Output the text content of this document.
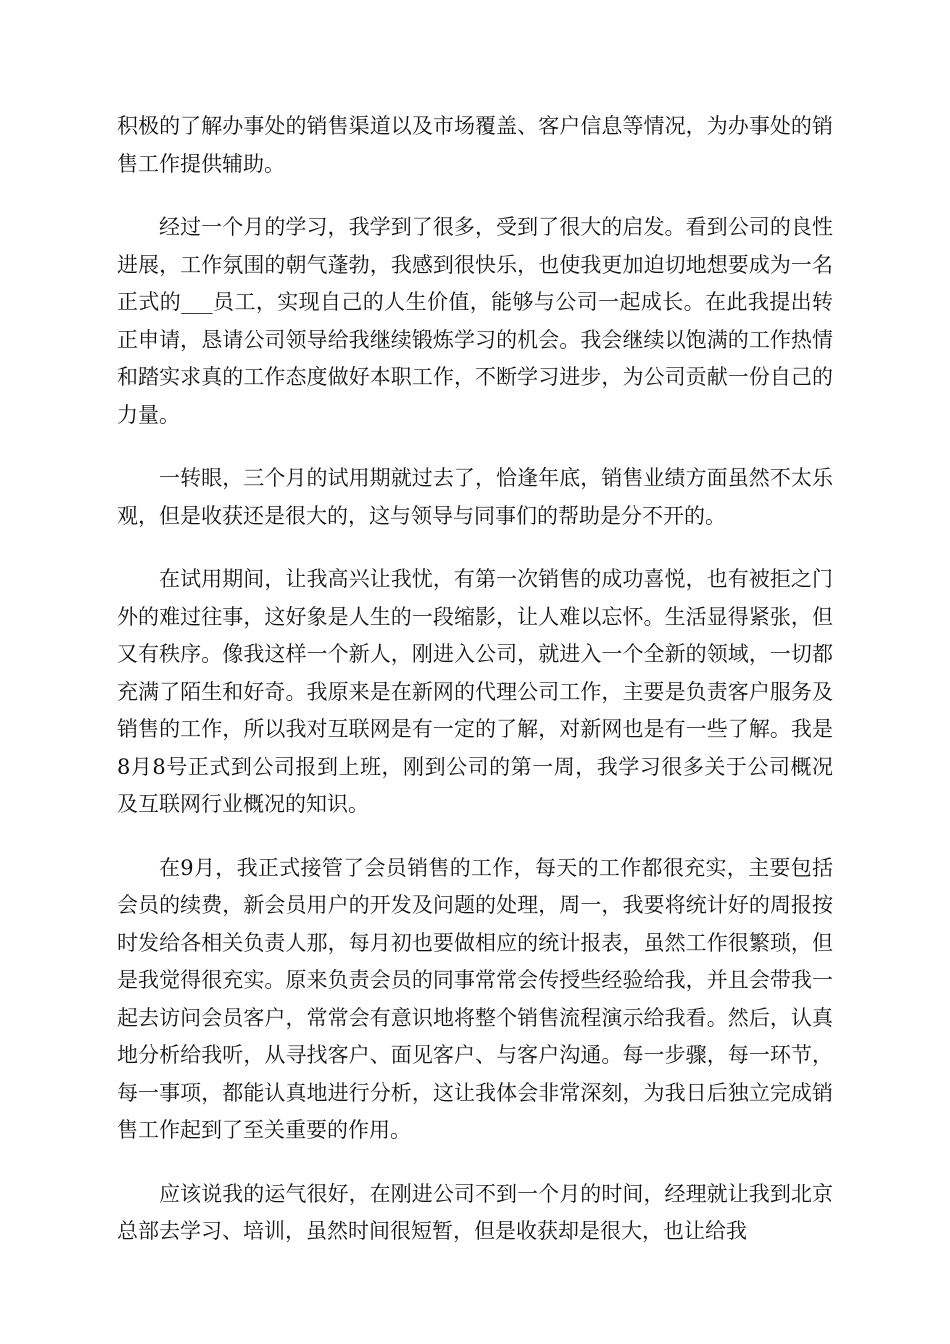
积极的了解办事处的销售渠道以及市场覆盖、客户信息等情况，为办事处的销售工作提供辅助。

经过一个月的学习，我学到了很多，受到了很大的启发。看到公司的良性进展，工作氛围的朝气蓬勃，我感到很快乐，也使我更加迫切地想要成为一名正式的___员工，实现自己的人生价值，能够与公司一起成长。在此我提出转正申请，恳请公司领导给我继续锻炼学习的机会。我会继续以饱满的工作热情和踏实求真的工作态度做好本职工作，不断学习进步，为公司贡献一份自己的力量。

一转眼，三个月的试用期就过去了，恰逢年底，销售业绩方面虽然不太乐观，但是收获还是很大的，这与领导与同事们的帮助是分不开的。

在试用期间，让我高兴让我忧，有第一次销售的成功喜悦，也有被拒之门外的难过往事，这好象是人生的一段缩影，让人难以忘怀。生活显得紧张，但又有秩序。像我这样一个新人，刚进入公司，就进入一个全新的领域，一切都充满了陌生和好奇。我原来是在新网的代理公司工作，主要是负责客户服务及销售的工作，所以我对互联网是有一定的了解，对新网也是有一些了解。我是8月8号正式到公司报到上班，刚到公司的第一周，我学习很多关于公司概况及互联网行业概况的知识。

在9月，我正式接管了会员销售的工作，每天的工作都很充实，主要包括会员的续费，新会员用户的开发及问题的处理，周一，我要将统计好的周报按时发给各相关负责人那，每月初也要做相应的统计报表，虽然工作很繁琐，但是我觉得很充实。原来负责会员的同事常常会传授些经验给我，并且会带我一起去访问会员客户，常常会有意识地将整个销售流程演示给我看。然后，认真地分析给我听，从寻找客户、面见客户、与客户沟通。每一步骤，每一环节，每一事项，都能认真地进行分析，这让我体会非常深刻，为我日后独立完成销售工作起到了至关重要的作用。

应该说我的运气很好，在刚进公司不到一个月的时间，经理就让我到北京总部去学习、培训，虽然时间很短暂，但是收获却是很大，也让给我
